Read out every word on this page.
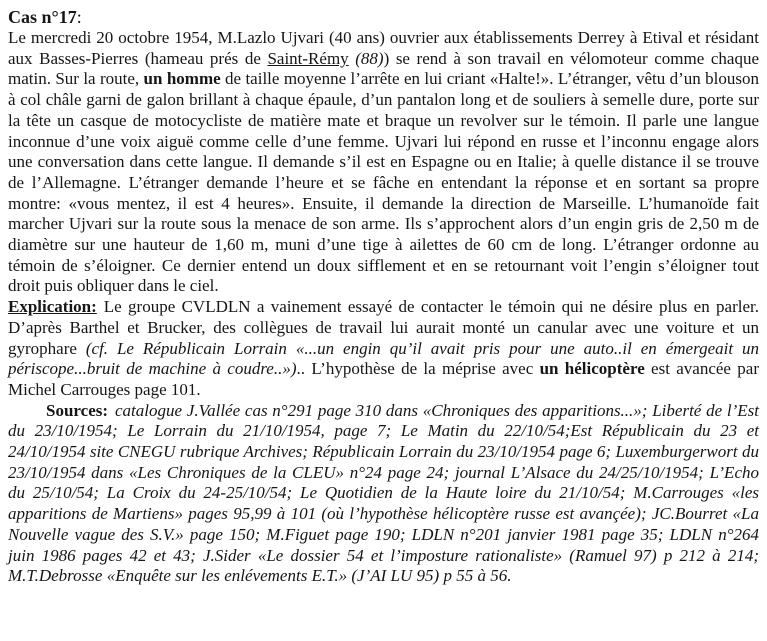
Cas n°17:

Le mercredi 20 octobre 1954, M.Lazlo Ujvari (40 ans) ouvrier aux établissements Derrey à Etival et résidant aux Basses-Pierres (hameau prés de Saint-Rémy (88)) se rend à son travail en vélomoteur comme chaque matin. Sur la route, un homme de taille moyenne l’arrête en lui criant «Halte!». L’étranger, vêtu d’un blouson à col châle garni de galon brillant à chaque épaule, d’un pantalon long et de souliers à semelle dure, porte sur la tête un casque de motocycliste de matière mate et braque un revolver sur le témoin. Il parle une langue inconnue d’une voix aiguë comme celle d’une femme. Ujvari lui répond en russe et l’inconnu engage alors une conversation dans cette langue. Il demande s’il est en Espagne ou en Italie; à quelle distance il se trouve de l’Allemagne. L’étranger demande l’heure et se fâche en entendant la réponse et en sortant sa propre montre: «vous mentez, il est 4 heures». Ensuite, il demande la direction de Marseille. L’humanoïde fait marcher Ujvari sur la route sous la menace de son arme. Ils s’approchent alors d’un engin gris de 2,50 m de diamètre sur une hauteur de 1,60 m, muni d’une tige à ailettes de 60 cm de long. L’étranger ordonne au témoin de s’éloigner. Ce dernier entend un doux sifflement et en se retournant voit l’engin s’éloigner tout droit puis obliquer dans le ciel.

Explication: Le groupe CVLDLN a vainement essayé de contacter le témoin qui ne désire plus en parler. D’après Barthel et Brucker, des collègues de travail lui aurait monté un canular avec une voiture et un gyrophare (cf. Le Républicain Lorrain «...un engin qu’il avait pris pour une auto..il en émergeait un périscope...bruit de machine à coudre..»).. L’hypothèse de la méprise avec un hélicoptère est avancée par Michel Carrouges page 101.

Sources: catalogue J.Vallée cas n°291 page 310 dans «Chroniques des apparitions...»; Liberté de l’Est du 23/10/1954; Le Lorrain du 21/10/1954, page 7; Le Matin du 22/10/54;Est Républicain du 23 et 24/10/1954 site CNEGU rubrique Archives; Républicain Lorrain du 23/10/1954 page 6; Luxemburgerwort du 23/10/1954 dans «Les Chroniques de la CLEU» n°24 page 24; journal L’Alsace du 24/25/10/1954; L’Echo du 25/10/54; La Croix du 24-25/10/54; Le Quotidien de la Haute loire du 21/10/54; M.Carrouges «les apparitions de Martiens» pages 95,99 à 101 (où l’hypothèse hélicoptère russe est avançée); JC.Bourret «La Nouvelle vague des S.V.» page 150; M.Figuet page 190; LDLN n°201 janvier 1981 page 35; LDLN n°264 juin 1986 pages 42 et 43; J.Sider «Le dossier 54 et l’imposture rationaliste» (Ramuel 97) p 212 à 214; M.T.Debrosse «Enquête sur les enlévements E.T.» (J’AI LU 95) p 55 à 56.
